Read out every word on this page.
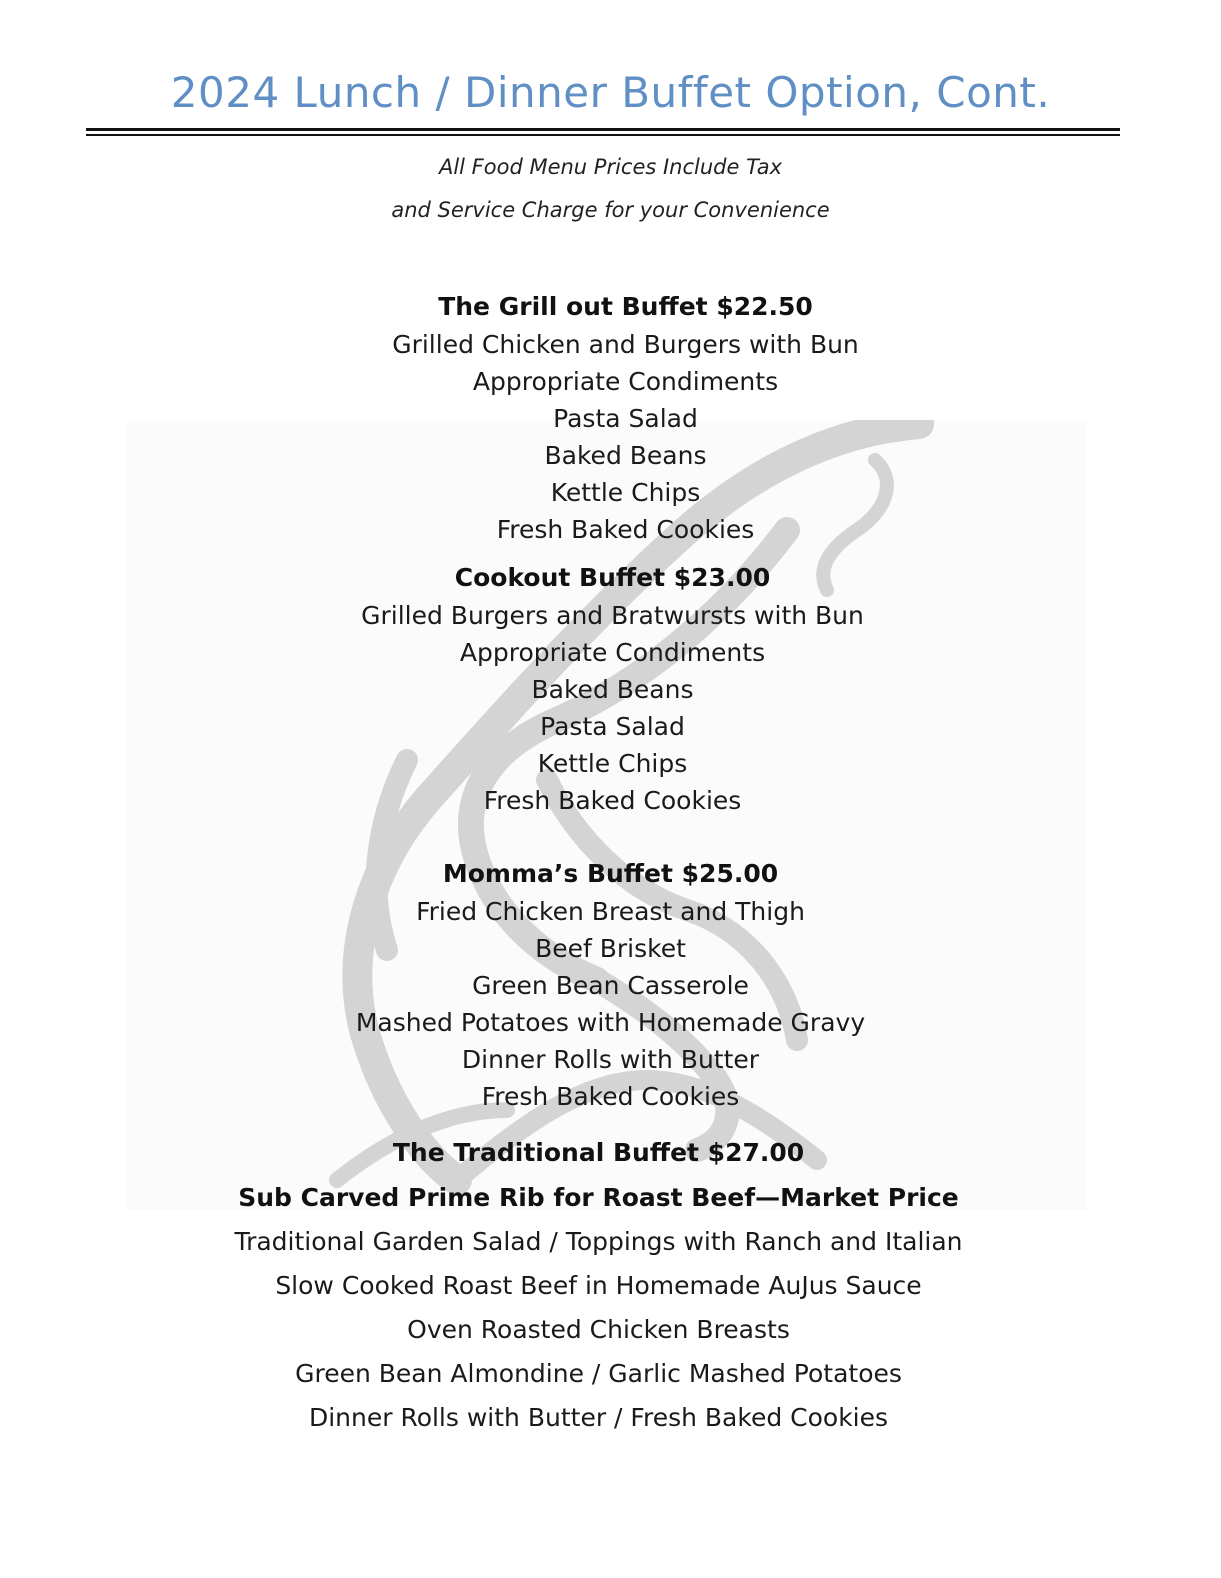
2024 Lunch / Dinner Buffet Option, Cont.
All Food Menu Prices Include Tax
and Service Charge for your Convenience
The Grill out Buffet $22.50
Grilled Chicken and Burgers with Bun
Appropriate Condiments
Pasta Salad
Baked Beans
Kettle Chips
Fresh Baked Cookies
Cookout Buffet $23.00
Grilled Burgers and Bratwursts with Bun
Appropriate Condiments
Baked Beans
Pasta Salad
Kettle Chips
Fresh Baked Cookies
Momma’s Buffet $25.00
Fried Chicken Breast and Thigh
Beef Brisket
Green Bean Casserole
Mashed Potatoes with Homemade Gravy
Dinner Rolls with Butter
Fresh Baked Cookies
The Traditional Buffet $27.00
Sub Carved Prime Rib for Roast Beef—Market Price
Traditional Garden Salad / Toppings with Ranch and Italian
Slow Cooked Roast Beef in Homemade AuJus Sauce
Oven Roasted Chicken Breasts
Green Bean Almondine / Garlic Mashed Potatoes
Dinner Rolls with Butter / Fresh Baked Cookies
